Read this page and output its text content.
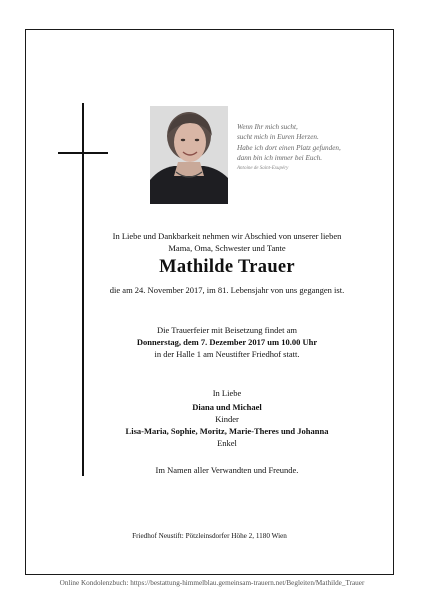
Wenn Ihr mich sucht,
sucht mich in Euren Herzen.
Habe ich dort einen Platz gefunden,
dann bin ich immer bei Euch.
Antoine de Saint-Exupéry
In Liebe und Dankbarkeit nehmen wir Abschied von unserer lieben
Mama, Oma, Schwester und Tante
Mathilde Trauer
die am 24. November 2017, im 81. Lebensjahr von uns gegangen ist.
Die Trauerfeier mit Beisetzung findet am
Donnerstag, dem 7. Dezember 2017 um 10.00 Uhr
in der Halle 1 am Neustifter Friedhof statt.
In Liebe
Diana und Michael
Kinder
Lisa-Maria, Sophie, Moritz, Marie-Theres und Johanna
Enkel
Im Namen aller Verwandten und Freunde.
Friedhof Neustift: Pötzleinsdorfer Höhe 2, 1180 Wien
Online Kondolenzbuch: https://bestattung-himmelblau.gemeinsam-trauern.net/Begleiten/Mathilde_Trauer
